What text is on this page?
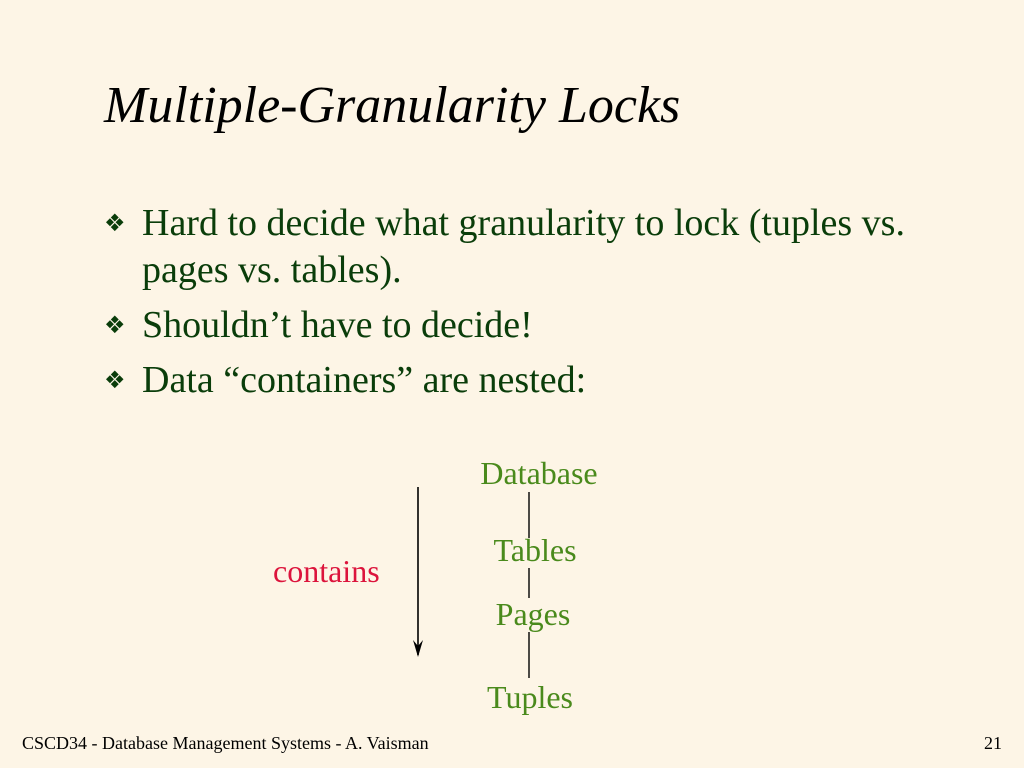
Multiple-Granularity Locks
❖ Hard to decide what granularity to lock (tuples vs. pages vs. tables).
❖ Shouldn’t have to decide!
❖ Data “containers” are nested:
Database
Tables
Pages
Tuples
contains
CSCD34 - Database Management Systems - A. Vaisman	21
